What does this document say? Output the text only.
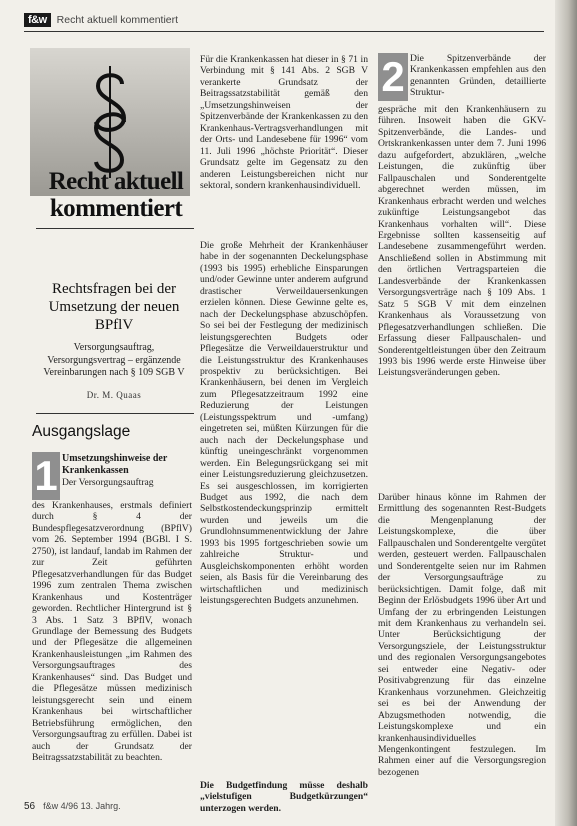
f&w Recht aktuell kommentiert
Recht aktuell kommentiert
Rechtsfragen bei der Umsetzung der neuen BPflV
Versorgungsauftrag, Versorgungsvertrag – ergänzende Vereinbarungen nach § 109 SGB V
Dr. M. Quaas
Ausgangslage
1 Umsetzungshinweise der Krankenkassen
Der Versorgungsauftrag
des Krankenhauses, erstmals definiert durch § 4 der Bundespflegesatzverordnung (BPflV) vom 26. September 1994 (BGBl. I S. 2750), ist landauf, landab im Rahmen der zur Zeit geführten Pflegesatzverhandlungen für das Budget 1996 zum zentralen Thema zwischen Krankenhaus und Kostenträger geworden. Rechtlicher Hintergrund ist § 3 Abs. 1 Satz 3 BPflV, wonach Grundlage der Bemessung des Budgets und der Pflegesätze die allgemeinen Krankenhausleistungen „im Rahmen des Versorgungsauftrages des Krankenhauses“ sind. Das Budget und die Pflegesätze müssen medizinisch leistungsgerecht sein und einem Krankenhaus bei wirtschaftlicher Betriebsführung ermöglichen, den Versorgungsauftrag zu erfüllen. Dabei ist auch der Grundsatz der Beitragssatzstabilität zu beachten.
Für die Krankenkassen hat dieser in § 71 in Verbindung mit § 141 Abs. 2 SGB V verankerte Grundsatz der Beitragssatzstabilität gemäß den „Umsetzungshinweisen der Spitzenverbände der Krankenkassen zu den Krankenhaus-Vertragsverhandlungen mit der Orts- und Landesebene für 1996“ vom 11. Juli 1996 „höchste Priorität“. Dieser Grundsatz gelte im Gegensatz zu den anderen Leistungsbereichen nicht nur sektoral, sondern krankenhausindividuell.
Die große Mehrheit der Krankenhäuser habe in der sogenannten Deckelungsphase (1993 bis 1995) erhebliche Einsparungen und/oder Gewinne unter anderem aufgrund drastischer Verweildauersenkungen erzielen können. Diese Gewinne gelte es, nach der Deckelungsphase abzuschöpfen. So sei bei der Festlegung der medizinisch leistungsgerechten Budgets oder Pflegesätze die Verweildauerstruktur und die Leistungsstruktur des Krankenhauses prospektiv zu berücksichtigen. Bei Krankenhäusern, bei denen im Vergleich zum Pflegesatzzeitraum 1992 eine Reduzierung der Leistungen (Leistungsspektrum und -umfang) eingetreten sei, müßten Kürzungen für die auch nach der Deckelungsphase und künftig uneingeschränkt vorgenommen werden. Ein Belegungsrückgang sei mit einer Leistungsreduzierung gleichzusetzen. Es sei ausgeschlossen, im korrigierten Budget aus 1992, die nach dem Selbstkostendeckungsprinzip ermittelt wurden und jeweils um die Grundlohnsummenentwicklung der Jahre 1993 bis 1995 fortgeschrieben sowie um zahlreiche Struktur- und Ausgleichskomponenten erhöht worden seien, als Basis für die Vereinbarung des wirtschaftlichen und medizinisch leistungsgerechten Budgets anzunehmen.
Die Budgetfindung müsse deshalb „vielstufigen Budgetkürzungen“ unterzogen werden.
2 Die Spitzenverbände der Krankenkassen empfehlen aus den genannten Gründen, detaillierte Struktur-
gespräche mit den Krankenhäusern zu führen. Insoweit haben die GKV-Spitzenverbände, die Landes- und Ortskrankenkassen unter dem 7. Juni 1996 dazu aufgefordert, abzuklären, „welche Leistungen, die zukünftig über Fallpauschalen und Sonderentgelte abgerechnet werden müssen, im Krankenhaus erbracht werden und welches zukünftige Leistungsangebot das Krankenhaus vorhalten will“. Diese Ergebnisse sollten kassenseitig auf Landesebene zusammengeführt werden. Anschließend sollen in Abstimmung mit den örtlichen Vertragsparteien die Landesverbände der Krankenkassen Versorgungsverträge nach § 109 Abs. 1 Satz 5 SGB V mit dem einzelnen Krankenhaus als Voraussetzung von Pflegesatzverhandlungen schließen. Die Erfassung dieser Fallpauschalen- und Sonderentgeltleistungen über den Zeitraum 1993 bis 1996 werde erste Hinweise über Leistungsveränderungen geben.
Darüber hinaus könne im Rahmen der Ermittlung des sogenannten Rest-Budgets die Mengenplanung der Leistungskomplexe, die über Fallpauschalen und Sonderentgelte vergütet werden, gesteuert werden. Fallpauschalen und Sonderentgelte seien nur im Rahmen der Versorgungsaufträge zu berücksichtigen. Damit folge, daß mit Beginn der Erlösbudgets 1996 über Art und Umfang der zu erbringenden Leistungen mit dem Krankenhaus zu verhandeln sei. Unter Berücksichtigung der Versorgungsziele, der Leistungsstruktur und des regionalen Versorgungsangebotes sei entweder eine Negativ- oder Positivabgrenzung für das einzelne Krankenhaus vorzunehmen. Gleichzeitig sei es bei der Anwendung der Abzugsmethoden notwendig, die Leistungskomplexe und ein krankenhausindividuelles Mengenkontingent festzulegen. Im Rahmen einer auf die Versorgungsregion bezogenen
56 f&w 4/96 13. Jahrg.
